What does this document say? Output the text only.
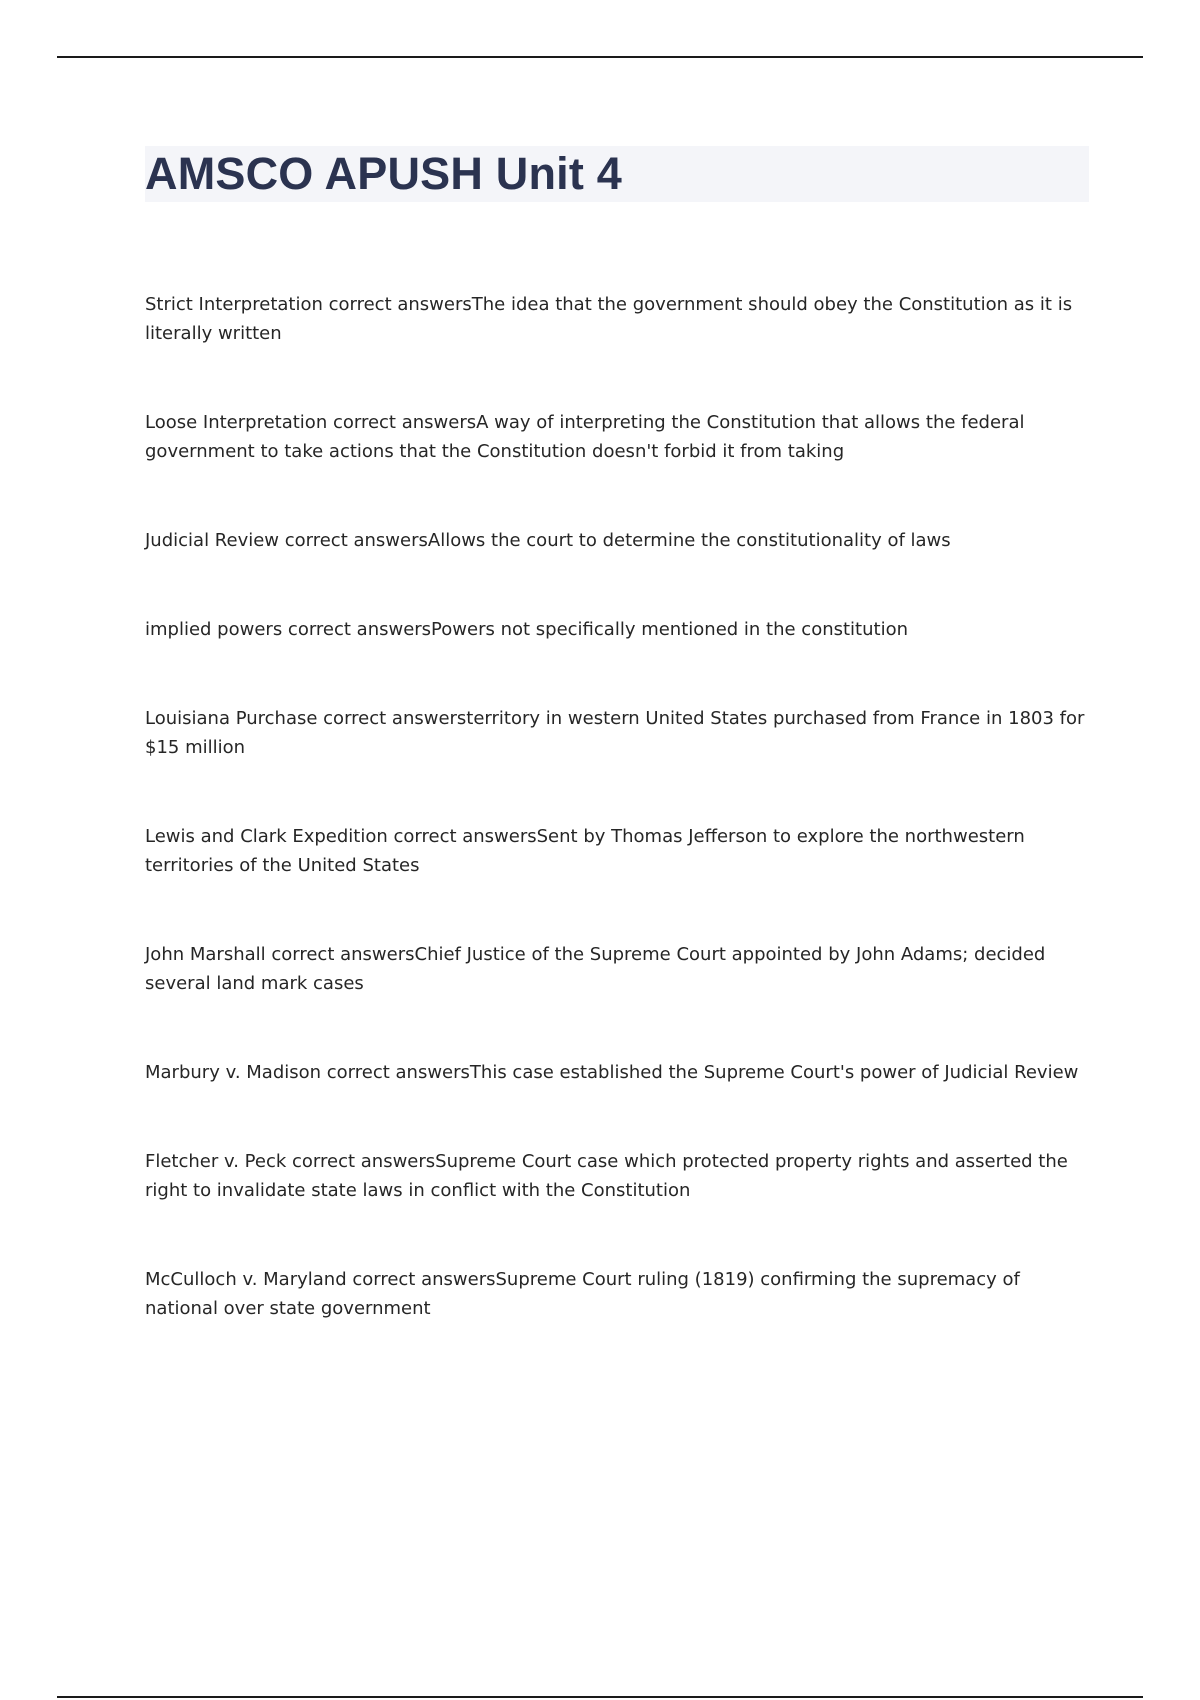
AMSCO APUSH Unit 4

Strict Interpretation correct answersThe idea that the government should obey the Constitution as it is literally written

Loose Interpretation correct answersA way of interpreting the Constitution that allows the federal government to take actions that the Constitution doesn't forbid it from taking

Judicial Review correct answersAllows the court to determine the constitutionality of laws

implied powers correct answersPowers not specifically mentioned in the constitution

Louisiana Purchase correct answersterritory in western United States purchased from France in 1803 for $15 million

Lewis and Clark Expedition correct answersSent by Thomas Jefferson to explore the northwestern territories of the United States

John Marshall correct answersChief Justice of the Supreme Court appointed by John Adams; decided several land mark cases

Marbury v. Madison correct answersThis case established the Supreme Court's power of Judicial Review

Fletcher v. Peck correct answersSupreme Court case which protected property rights and asserted the right to invalidate state laws in conflict with the Constitution

McCulloch v. Maryland correct answersSupreme Court ruling (1819) confirming the supremacy of national over state government
